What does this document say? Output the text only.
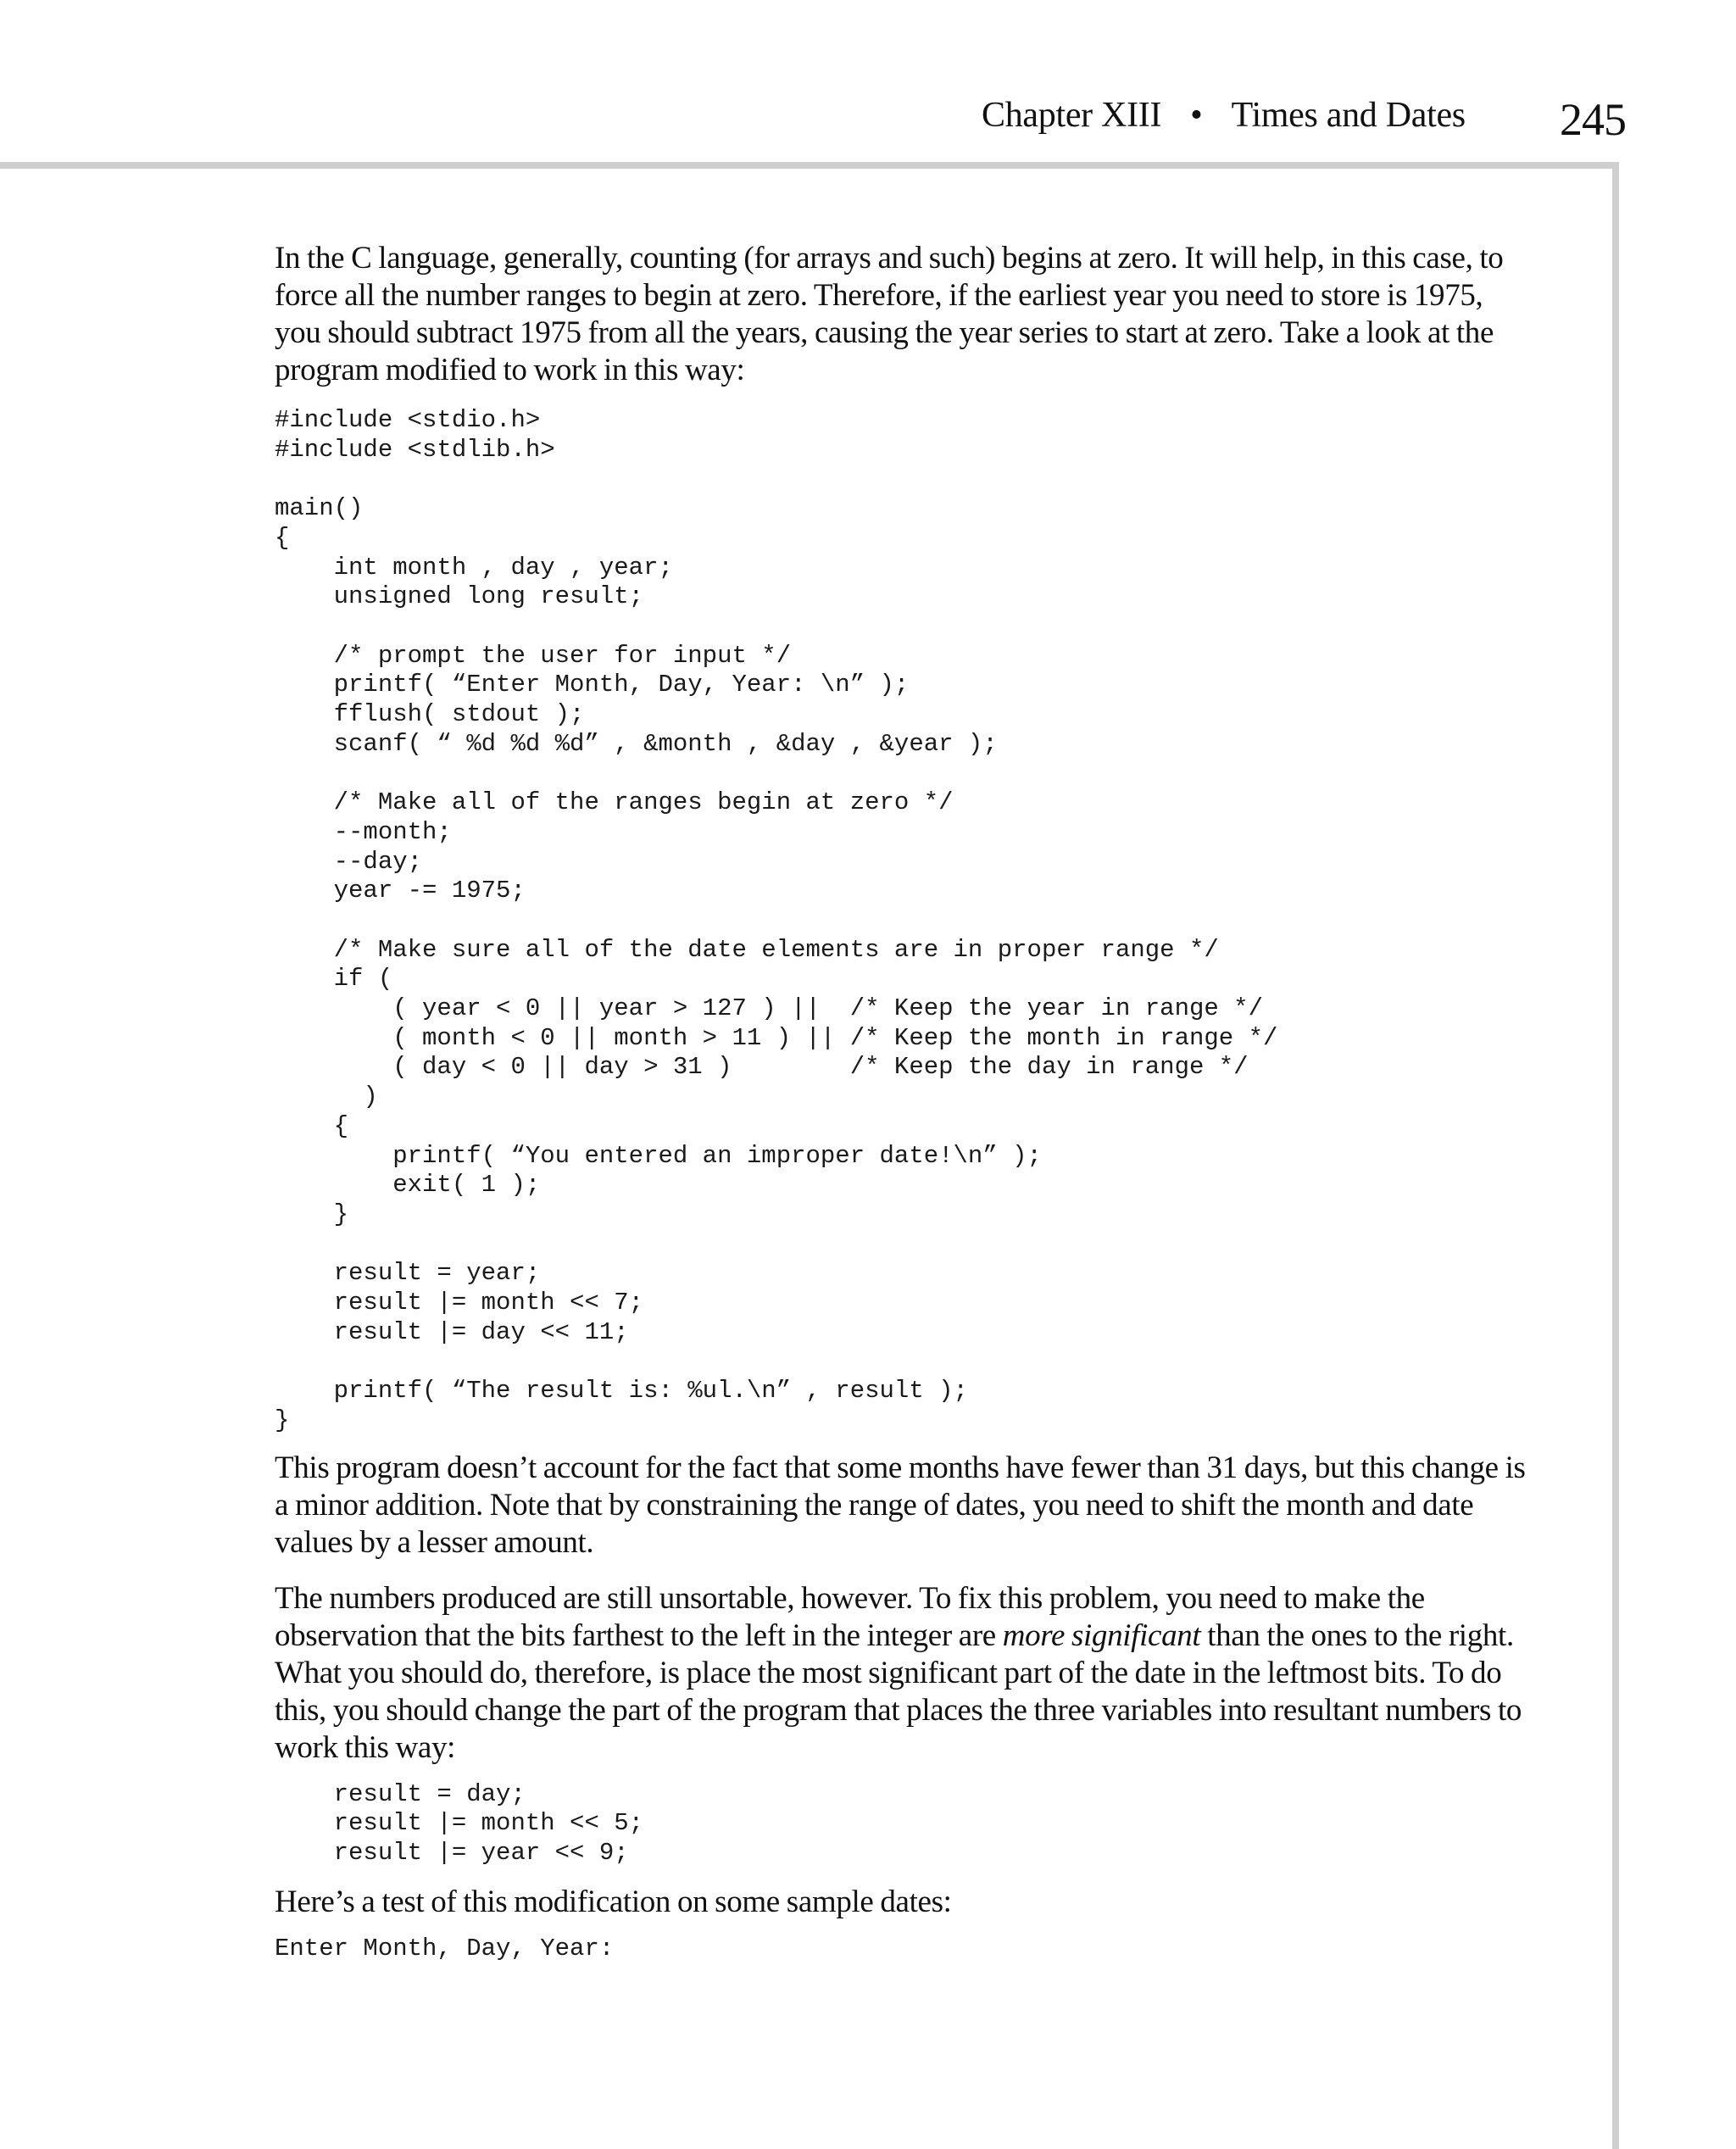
Chapter XIII • Times and Dates 245

In the C language, generally, counting (for arrays and such) begins at zero. It will help, in this case, to force all the number ranges to begin at zero. Therefore, if the earliest year you need to store is 1975, you should subtract 1975 from all the years, causing the year series to start at zero. Take a look at the program modified to work in this way:

#include <stdio.h>
#include <stdlib.h>

main()
{
int month , day , year;
unsigned long result;

/* prompt the user for input */
printf( “Enter Month, Day, Year: \n” );
fflush( stdout );
scanf( “ %d %d %d” , &month , &day , &year );

/* Make all of the ranges begin at zero */
--month;
--day;
year -= 1975;

/* Make sure all of the date elements are in proper range */
if (
( year < 0 || year > 127 ) ||  /* Keep the year in range */
( month < 0 || month > 11 ) || /* Keep the month in range */
( day < 0 || day > 31 )        /* Keep the day in range */
)
{
printf( “You entered an improper date!\n” );
exit( 1 );
}

result = year;
result |= month << 7;
result |= day << 11;

printf( “The result is: %ul.\n” , result );
}

This program doesn’t account for the fact that some months have fewer than 31 days, but this change is a minor addition. Note that by constraining the range of dates, you need to shift the month and date values by a lesser amount.

The numbers produced are still unsortable, however. To fix this problem, you need to make the observation that the bits farthest to the left in the integer are more significant than the ones to the right. What you should do, therefore, is place the most significant part of the date in the leftmost bits. To do this, you should change the part of the program that places the three variables into resultant numbers to work this way:

result = day;
result |= month << 5;
result |= year << 9;

Here’s a test of this modification on some sample dates:

Enter Month, Day, Year:
